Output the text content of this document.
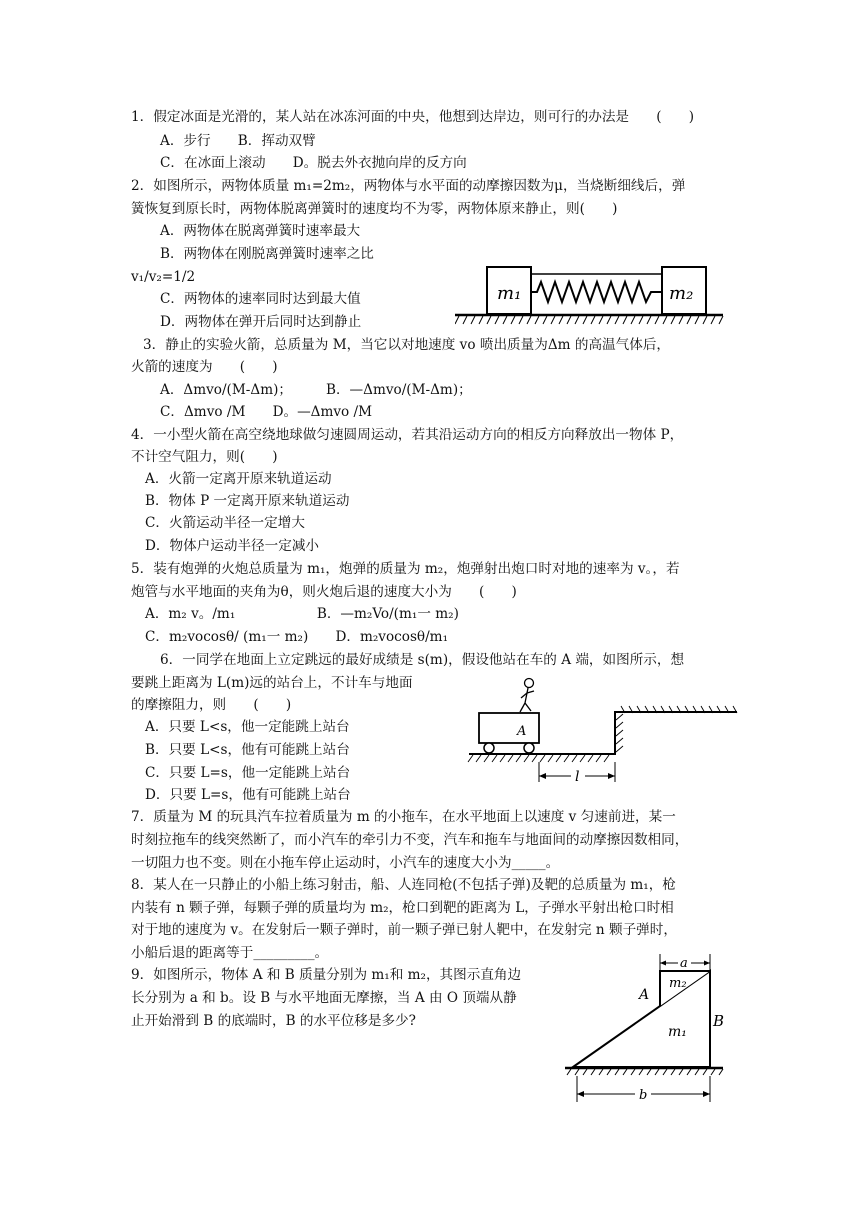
1．假定冰面是光滑的，某人站在冰冻河面的中央，他想到达岸边，则可行的办法是　　(　　)
A．步行　　B．挥动双臂
C．在冰面上滚动　　D。脱去外衣抛向岸的反方向
2．如图所示，两物体质量 m₁=2m₂，两物体与水平面的动摩擦因数为μ，当烧断细线后，弹
簧恢复到原长时，两物体脱离弹簧时的速度均不为零，两物体原来静止，则(　　)
A．两物体在脱离弹簧时速率最大
B．两物体在刚脱离弹簧时速率之比
v₁/v₂=1/2
C．两物体的速率同时达到最大值
D．两物体在弹开后同时达到静止
m₁	m₂
3．静止的实验火箭，总质量为 M，当它以对地速度 vo 喷出质量为Δm 的高温气体后，
火箭的速度为　　(　　)
A．Δmvo/(M-Δm)；　　　B．—Δmvo/(M-Δm)；
C．Δmvo /M　　D。—Δmvo /M
4．一小型火箭在高空绕地球做匀速圆周运动，若其沿运动方向的相反方向释放出一物体 P，
不计空气阻力，则(　　)
A．火箭一定离开原来轨道运动
B．物体 P 一定离开原来轨道运动
C．火箭运动半径一定增大
D．物体户运动半径一定减小
5．装有炮弹的火炮总质量为 m₁，炮弹的质量为 m₂，炮弹射出炮口时对地的速率为 v。，若
炮管与水平地面的夹角为θ，则火炮后退的速度大小为　　(　　)
A．m₂ v。/m₁　　　　　　B．—m₂Vo/(m₁一 m₂)
C．m₂vocosθ/ (m₁一 m₂)　　D．m₂vocosθ/m₁
6．一同学在地面上立定跳远的最好成绩是 s(m)，假设他站在车的 A 端，如图所示，想
要跳上距离为 L(m)远的站台上，不计车与地面
的摩擦阻力，则　　(　　)
A．只要 L<s，他一定能跳上站台
B．只要 L<s，他有可能跳上站台
C．只要 L=s，他一定能跳上站台
D．只要 L=s，他有可能跳上站台
A
l
7．质量为 M 的玩具汽车拉着质量为 m 的小拖车，在水平地面上以速度 v 匀速前进，某一
时刻拉拖车的线突然断了，而小汽车的牵引力不变，汽车和拖车与地面间的动摩擦因数相同，
一切阻力也不变。则在小拖车停止运动时，小汽车的速度大小为_____。
8．某人在一只静止的小船上练习射击，船、人连同枪(不包括子弹)及靶的总质量为 m₁，枪
内装有 n 颗子弹，每颗子弹的质量均为 m₂，枪口到靶的距离为 L，子弹水平射出枪口时相
对于地的速度为 v。在发射后一颗子弹时，前一颗子弹已射人靶中，在发射完 n 颗子弹时，
小船后退的距离等于_________。
9．如图所示，物体 A 和 B 质量分别为 m₁和 m₂，其图示直角边
长分别为 a 和 b。设 B 与水平地面无摩擦，当 A 由 O 顶端从静
止开始滑到 B 的底端时，B 的水平位移是多少?
a
m₂
A
m₁
B
b
